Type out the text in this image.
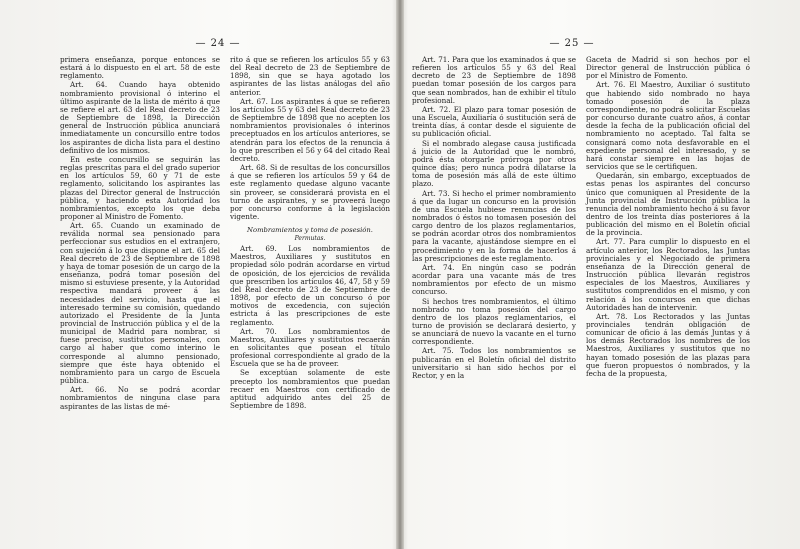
— 24 —

primera enseñanza, porque entonces se estará á lo dispuesto en el art. 58 de este reglamento.

Art. 64. Cuando haya obtenido nombramiento provisional ó interino el último aspirante de la lista de mérito á que se refiere el art. 63 del Real decreto de 23 de Septiembre de 1898, la Dirección general de Instrucción pública anunciará inmediatamente un concursillo entre todos los aspirantes de dicha lista para el destino definitivo de los mismos.

En este concursillo se seguirán las reglas prescritas para el del grado superior en los artículos 59, 60 y 71 de este reglamento, solicitando los aspirantes las plazas del Director general de Instrucción pública, y haciendo esta Autoridad los nombramientos, excepto los que deba proponer al Ministro de Fomento.

Art. 65. Cuando un examinado de reválida normal sea pensionado para perfeccionar sus estudios en el extranjero, con sujeción á lo que dispone el art. 65 del Real decreto de 23 de Septiembre de 1898 y haya de tomar posesión de un cargo de la enseñanza, podrá tomar posesión del mismo si estuviese presente, y la Autoridad respectiva mandará proveer á las necesidades del servicio, hasta que el interesado termine su comisión, quedando autorizado el Presidente de la Junta provincial de Instrucción pública y el de la municipal de Madrid para nombrar, si fuese preciso, sustitutos personales, con cargo al haber que como interino le corresponde al alumno pensionado, siempre que éste haya obtenido el nombramiento para un cargo de Escuela pública.

Art. 66. No se podrá acordar nombramientos de ninguna clase para aspirantes de las listas de mé-

rito á que se refieren los artículos 55 y 63 del Real decreto de 23 de Septiembre de 1898, sin que se haya agotado los aspirantes de las listas análogas del año anterior.

Art. 67. Los aspirantes á que se refieren los artículos 55 y 63 del Real decreto de 23 de Septiembre de 1898 que no acepten los nombramientos provisionales ó interinos preceptuados en los artículos anteriores, se atendrán para los efectos de la renuncia á lo que prescriben el 56 y 64 del citado Real decreto.

Art. 68. Si de resultas de los concursillos á que se refieren los artículos 59 y 64 de este reglamento quedase alguno vacante sin proveer, se considerará provista en el turno de aspirantes, y se proveerá luego por concurso conforme á la legislación vigente.

Nombramientos y toma de posesión.
Permutas.

Art. 69. Los nombramientos de Maestros, Auxiliares y sustitutos en propiedad sólo podrán acordarse en virtud de oposición, de los ejercicios de reválida que prescriben los artículos 46, 47, 58 y 59 del Real decreto de 23 de Septiembre de 1898, por efecto de un concurso ó por motivos de excedencia, con sujeción estricta á las prescripciones de este reglamento.

Art. 70. Los nombramientos de Maestros, Auxiliares y sustitutos recaerán en solicitantes que posean el título profesional correspondiente al grado de la Escuela que se ha de proveer.

Se exceptúan solamente de este precepto los nombramientos que puedan recaer en Maestros con certificado de aptitud adquirido antes del 25 de Septiembre de 1898.

— 25 —

Art. 71. Para que los examinados á que se refieren los artículos 55 y 63 del Real decreto de 23 de Septiembre de 1898 puedan tomar posesión de los cargos para que sean nombrados, han de exhibir el título profesional.

Art. 72. El plazo para tomar posesión de una Escuela, Auxiliaría ó sustitución será de treinta días, á contar desde el siguiente de su publicación oficial.

Si el nombrado alegase causa justificada á juicio de la Autoridad que le nombró, podrá ésta otorgarle prórroga por otros quince días; pero nunca podrá dilatarse la toma de posesión más allá de este último plazo.

Art. 73. Si hecho el primer nombramiento á que da lugar un concurso en la provisión de una Escuela hubiese renuncias de los nombrados ó éstos no tomasen posesión del cargo dentro de los plazos reglamentarios, se podrán acordar otros dos nombramientos para la vacante, ajustándose siempre en el procedimiento y en la forma de hacerlos á las prescripciones de este reglamento.

Art. 74. En ningún caso se podrán acordar para una vacante más de tres nombramientos por efecto de un mismo concurso.

Si hechos tres nombramientos, el último nombrado no toma posesión del cargo dentro de los plazos reglamentarios, el turno de provisión se declarará desierto, y se anunciará de nuevo la vacante en el turno correspondiente.

Art. 75. Todos los nombramientos se publicarán en el Boletín oficial del distrito universitario si han sido hechos por el Rector, y en la

Gaceta de Madrid si son hechos por el Director general de Instrucción pública ó por el Ministro de Fomento.

Art. 76. El Maestro, Auxiliar ó sustituto que habiendo sido nombrado no haya tomado posesión de la plaza correspondiente, no podrá solicitar Escuelas por concurso durante cuatro años, á contar desde la fecha de la publicación oficial del nombramiento no aceptado. Tal falta se consignará como nota desfavorable en el expediente personal del interesado, y se hará constar siempre en las hojas de servicios que se le certifiquen.

Quedarán, sin embargo, exceptuados de estas penas los aspirantes del concurso único que comuniquen al Presidente de la Junta provincial de Instrucción pública la renuncia del nombramiento hecho á su favor dentro de los treinta días posteriores á la publicación del mismo en el Boletín oficial de la provincia.

Art. 77. Para cumplir lo dispuesto en el artículo anterior, los Rectorados, las Juntas provinciales y el Negociado de primera enseñanza de la Dirección general de Instrucción pública llevarán registros especiales de los Maestros, Auxiliares y sustitutos comprendidos en el mismo, y con relación á los concursos en que dichas Autoridades han de intervenir.

Art. 78. Los Rectorados y las Juntas provinciales tendrán obligación de comunicar de oficio á las demás Juntas y á los demás Rectorados los nombres de los Maestros, Auxiliares y sustitutos que no hayan tomado posesión de las plazas para que fueron propuestos ó nombrados, y la fecha de la propuesta,
